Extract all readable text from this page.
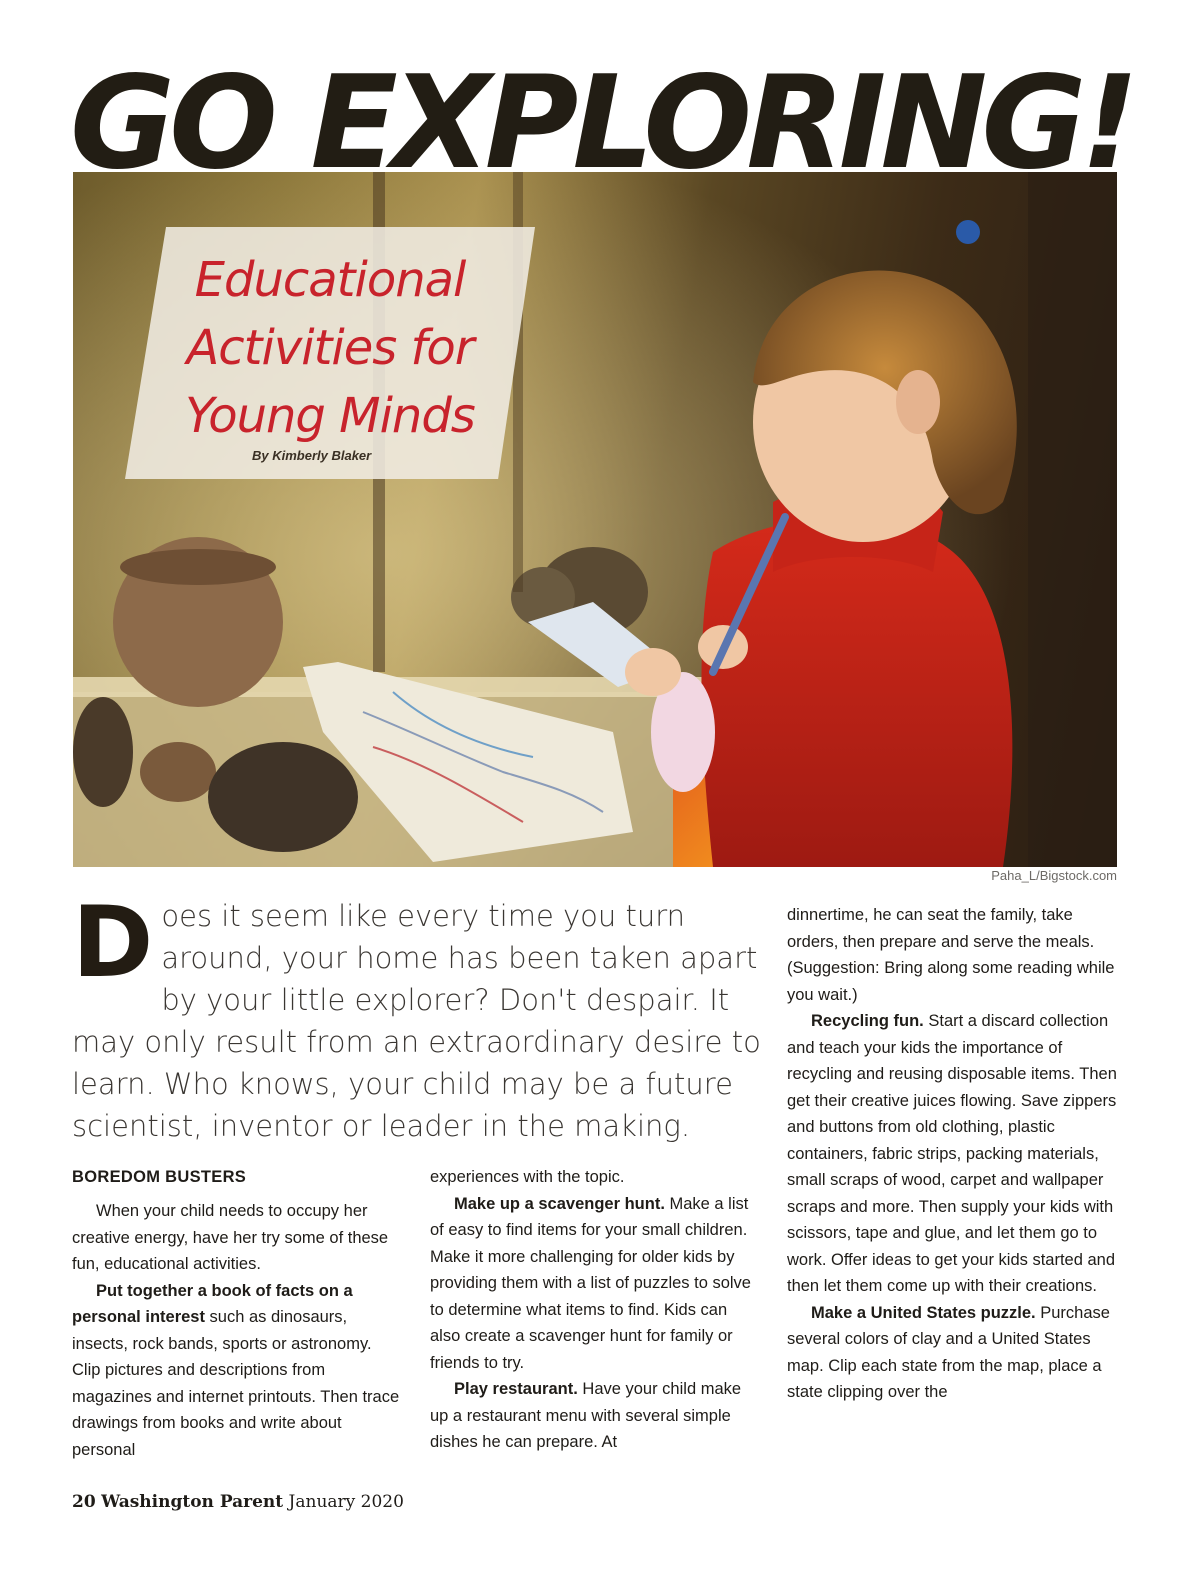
GO EXPLORING!
Educational Activities for Young Minds
By Kimberly Blaker
Paha_L/Bigstock.com

Does it seem like every time you turn around, your home has been taken apart by your little explorer? Don't despair. It may only result from an extraordinary desire to learn. Who knows, your child may be a future scientist, inventor or leader in the making.

BOREDOM BUSTERS

When your child needs to occupy her creative energy, have her try some of these fun, educational activities.

Put together a book of facts on a personal interest such as dinosaurs, insects, rock bands, sports or astronomy. Clip pictures and descriptions from magazines and internet printouts. Then trace drawings from books and write about personal

experiences with the topic.

Make up a scavenger hunt. Make a list of easy to find items for your small children. Make it more challenging for older kids by providing them with a list of puzzles to solve to determine what items to find. Kids can also create a scavenger hunt for family or friends to try.

Play restaurant. Have your child make up a restaurant menu with several simple dishes he can prepare. At

dinnertime, he can seat the family, take orders, then prepare and serve the meals. (Suggestion: Bring along some reading while you wait.)

Recycling fun. Start a discard collection and teach your kids the importance of recycling and reusing disposable items. Then get their creative juices flowing. Save zippers and buttons from old clothing, plastic containers, fabric strips, packing materials, small scraps of wood, carpet and wallpaper scraps and more. Then supply your kids with scissors, tape and glue, and let them go to work. Offer ideas to get your kids started and then let them come up with their creations.

Make a United States puzzle. Purchase several colors of clay and a United States map. Clip each state from the map, place a state clipping over the

20 Washington Parent January 2020
